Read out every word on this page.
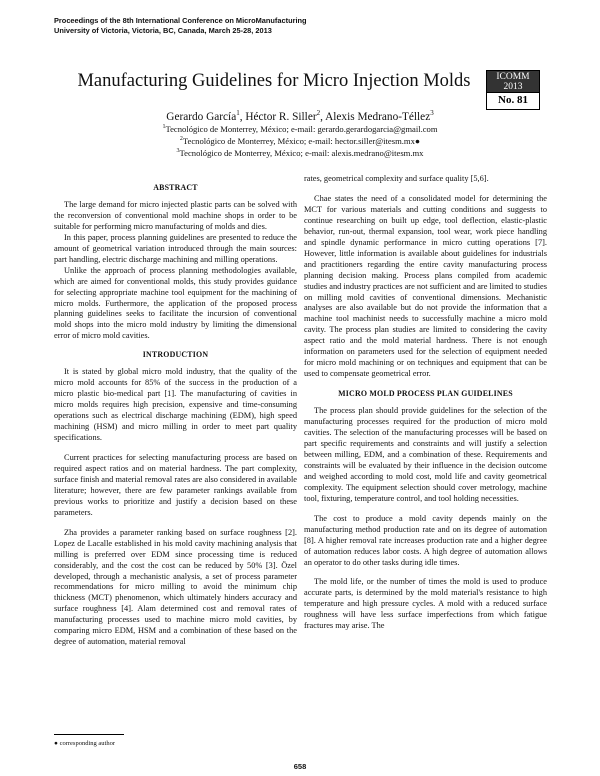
Proceedings of the 8th International Conference on MicroManufacturing
University of Victoria, Victoria, BC, Canada, March 25-28, 2013
Manufacturing Guidelines for Micro Injection Molds	ICOMM
2013
No. 81
Gerardo García$^1$, Héctor R. Siller$^2$, Alexis Medrano-Téllez$^3$
$^1$Tecnológico de Monterrey, México; e-mail: gerardo.gerardogarcia@gmail.com
$^2$Tecnológico de Monterrey, México; e-mail: hector.siller@itesm.mx●
$^3$Tecnológico de Monterrey, México; e-mail: alexis.medrano@itesm.mx
ABSTRACT

The large demand for micro injected plastic parts can be solved with the reconversion of conventional mold machine shops in order to be suitable for performing micro manufacturing of molds and dies.

In this paper, process planning guidelines are presented to reduce the amount of geometrical variation introduced through the main sources: part handling, electric discharge machining and milling operations.

Unlike the approach of process planning methodologies available, which are aimed for conventional molds, this study provides guidance for selecting appropriate machine tool equipment for the machining of micro molds. Furthermore, the application of the proposed process planning guidelines seeks to facilitate the incursion of conventional mold shops into the micro mold industry by limiting the dimensional error of micro mold cavities.

INTRODUCTION

It is stated by global micro mold industry, that the quality of the micro mold accounts for 85% of the success in the production of a micro plastic bio-medical part [1]. The manufacturing of cavities in micro molds requires high precision, expensive and time-consuming operations such as electrical discharge machining (EDM), high speed machining (HSM) and micro milling in order to meet part quality specifications.

Current practices for selecting manufacturing process are based on required aspect ratios and on material hardness. The part complexity, surface finish and material removal rates are also considered in available literature; however, there are few parameter rankings available from previous works to prioritize and justify a decision based on these parameters.

Zha provides a parameter ranking based on surface roughness [2]. Lopez de Lacalle established in his mold cavity machining analysis that milling is preferred over EDM since processing time is reduced considerably, and the cost the cost can be reduced by 50% [3]. Özel developed, through a mechanistic analysis, a set of process parameter recommendations for micro milling to avoid the minimum chip thickness (MCT) phenomenon, which ultimately hinders accuracy and surface roughness [4]. Alam determined cost and removal rates of manufacturing processes used to machine micro mold cavities, by comparing micro EDM, HSM and a combination of these based on the degree of automation, material removal

rates, geometrical complexity and surface quality [5,6].

Chae states the need of a consolidated model for determining the MCT for various materials and cutting conditions and suggests to continue researching on built up edge, tool deflection, elastic-plastic behavior, run-out, thermal expansion, tool wear, work piece handling and spindle dynamic performance in micro cutting operations [7]. However, little information is available about guidelines for industrials and practitioners regarding the entire cavity manufacturing process planning decision making. Process plans compiled from academic studies and industry practices are not sufficient and are limited to studies on milling mold cavities of conventional dimensions. Mechanistic analyses are also available but do not provide the information that a machine tool machinist needs to successfully machine a micro mold cavity. The process plan studies are limited to considering the cavity aspect ratio and the mold material hardness. There is not enough information on parameters used for the selection of equipment needed for micro mold machining or on techniques and equipment that can be used to compensate geometrical error.

MICRO MOLD PROCESS PLAN GUIDELINES

The process plan should provide guidelines for the selection of the manufacturing processes required for the production of micro mold cavities. The selection of the manufacturing processes will be based on part specific requirements and constraints and will justify a selection between milling, EDM, and a combination of these. Requirements and constraints will be evaluated by their influence in the decision outcome and weighed according to mold cost, mold life and cavity geometrical complexity. The equipment selection should cover metrology, machine tool, fixturing, temperature control, and tool holding necessities.

The cost to produce a mold cavity depends mainly on the manufacturing method production rate and on its degree of automation [8]. A higher removal rate increases production rate and a higher degree of automation reduces labor costs. A high degree of automation allows an operator to do other tasks during idle times.

The mold life, or the number of times the mold is used to produce accurate parts, is determined by the mold material's resistance to high temperature and high pressure cycles. A mold with a reduced surface roughness will have less surface imperfections from which fatigue fractures may arise. The

● corresponding author
658
